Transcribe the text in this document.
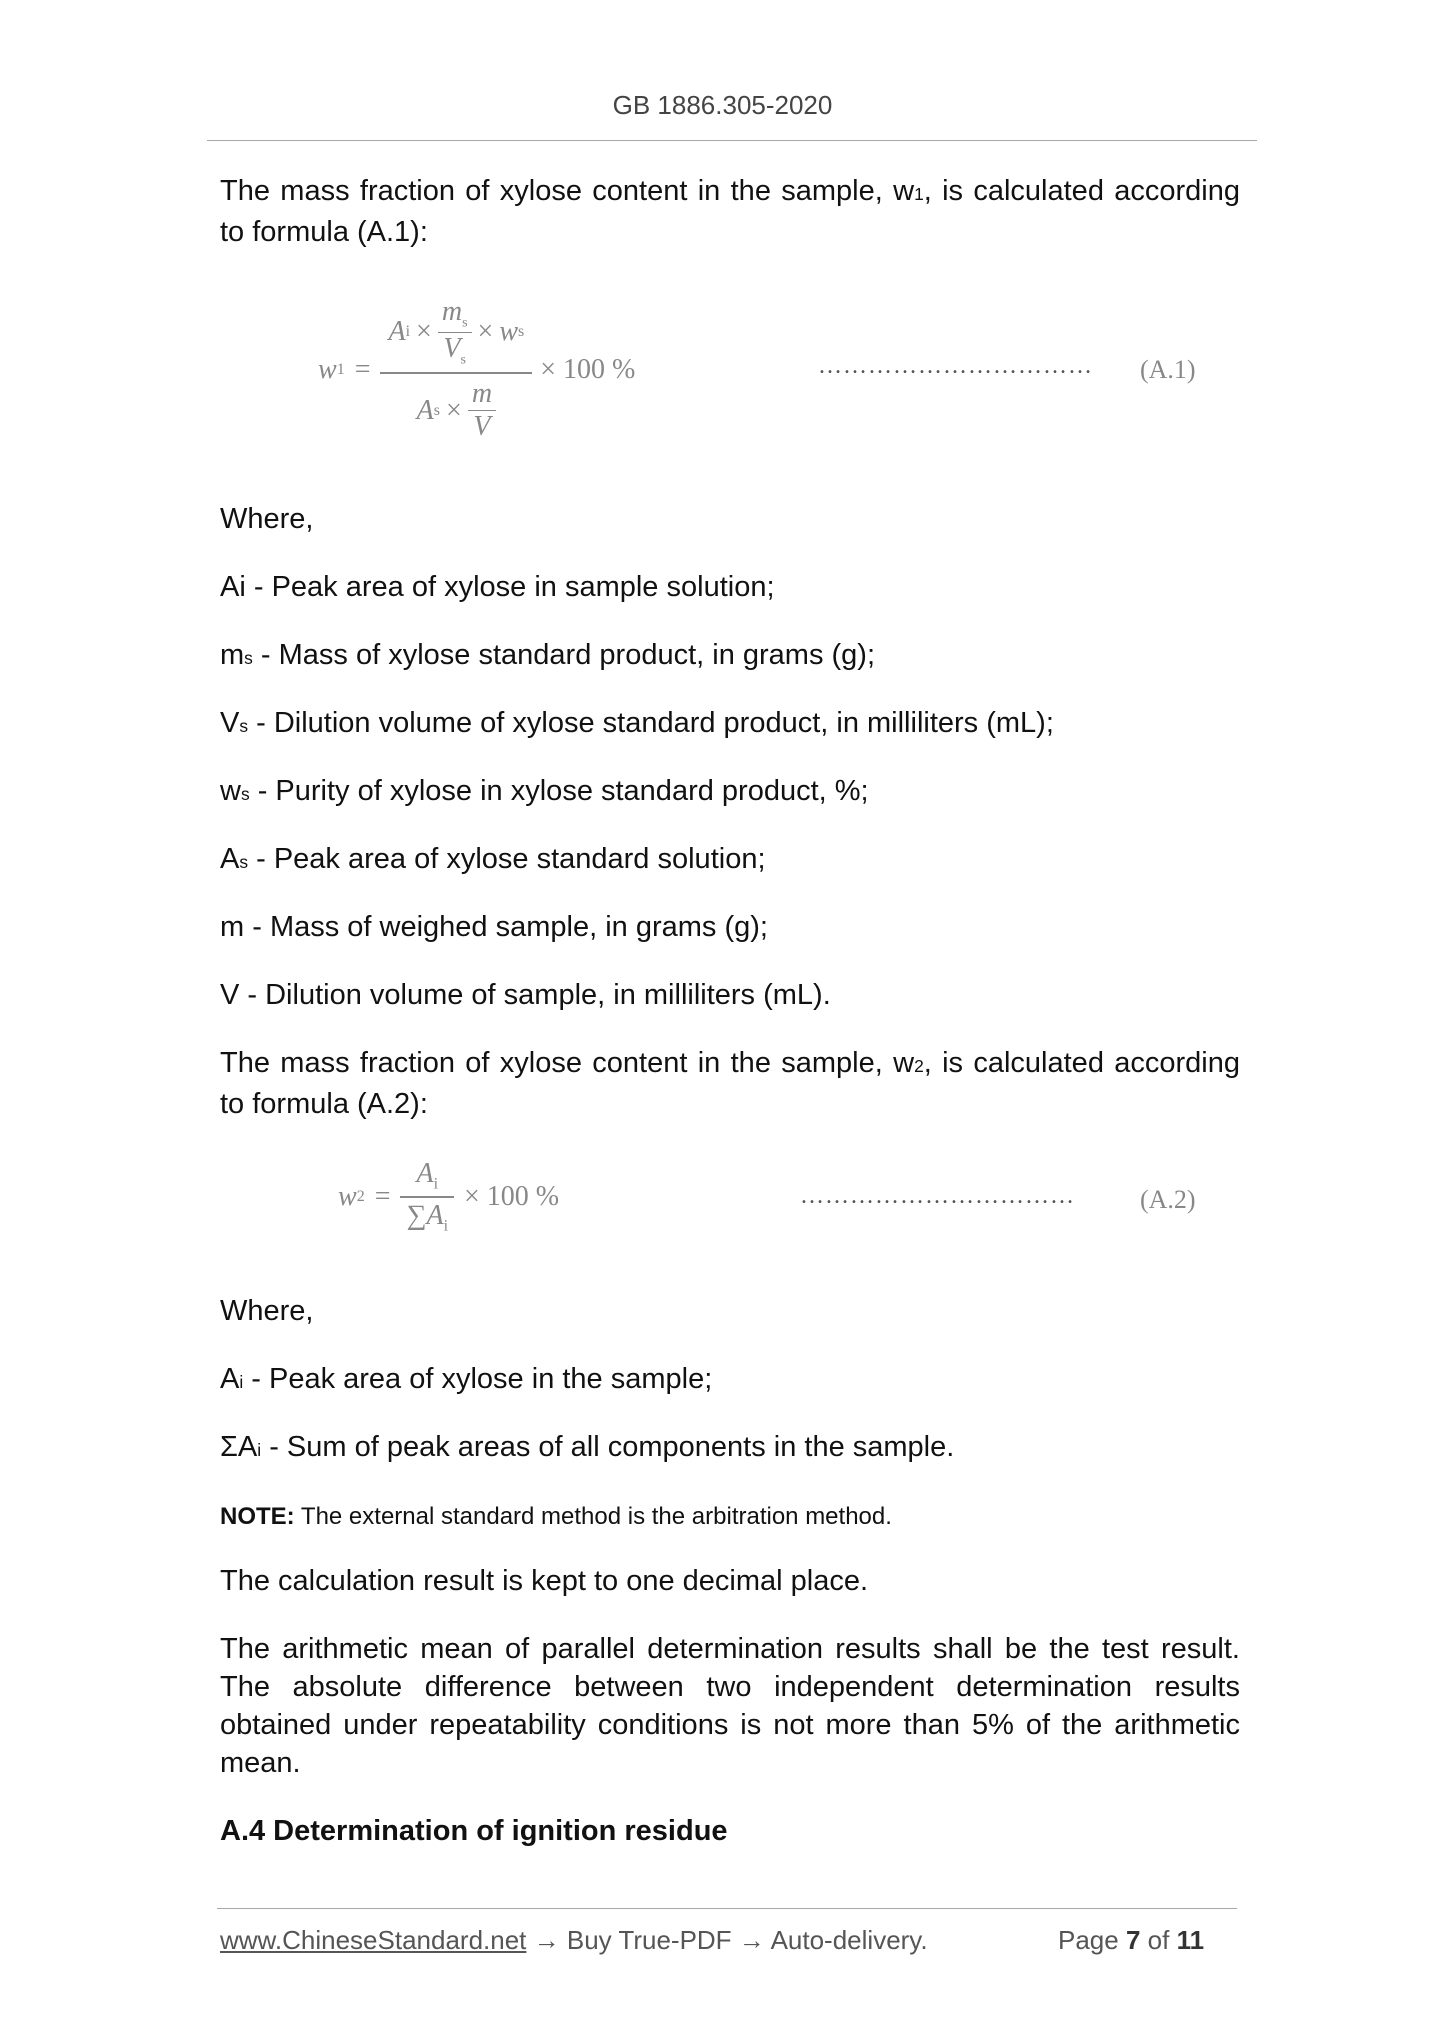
GB 1886.305-2020
The mass fraction of xylose content in the sample, w1, is calculated according to formula (A.1):
w 1 =
A $i \times \frac{m_s}{V_s} \times w$ s
A $s \times \frac{m}{V}$
× 100 %	…………………………… (A.1)
Where,
Ai - Peak area of xylose in sample solution;
ms - Mass of xylose standard product, in grams (g);
Vs - Dilution volume of xylose standard product, in milliliters (mL);
ws - Purity of xylose in xylose standard product, %;
As - Peak area of xylose standard solution;
m - Mass of weighed sample, in grams (g);
V - Dilution volume of sample, in milliliters (mL).
The mass fraction of xylose content in the sample, w2, is calculated according to formula (A.2):
w $2 = \frac{A_i}{\sum A_i} \times 100$ %	……………………………	(A.2)
Where,
Ai - Peak area of xylose in the sample;
ΣAi - Sum of peak areas of all components in the sample.
NOTE: The external standard method is the arbitration method.
The calculation result is kept to one decimal place.
The arithmetic mean of parallel determination results shall be the test result. The absolute difference between two independent determination results obtained under repeatability conditions is not more than 5% of the arithmetic mean.
A.4 Determination of ignition residue
www.ChineseStandard.net → Buy True-PDF → Auto-delivery.	Page 7 of 11
